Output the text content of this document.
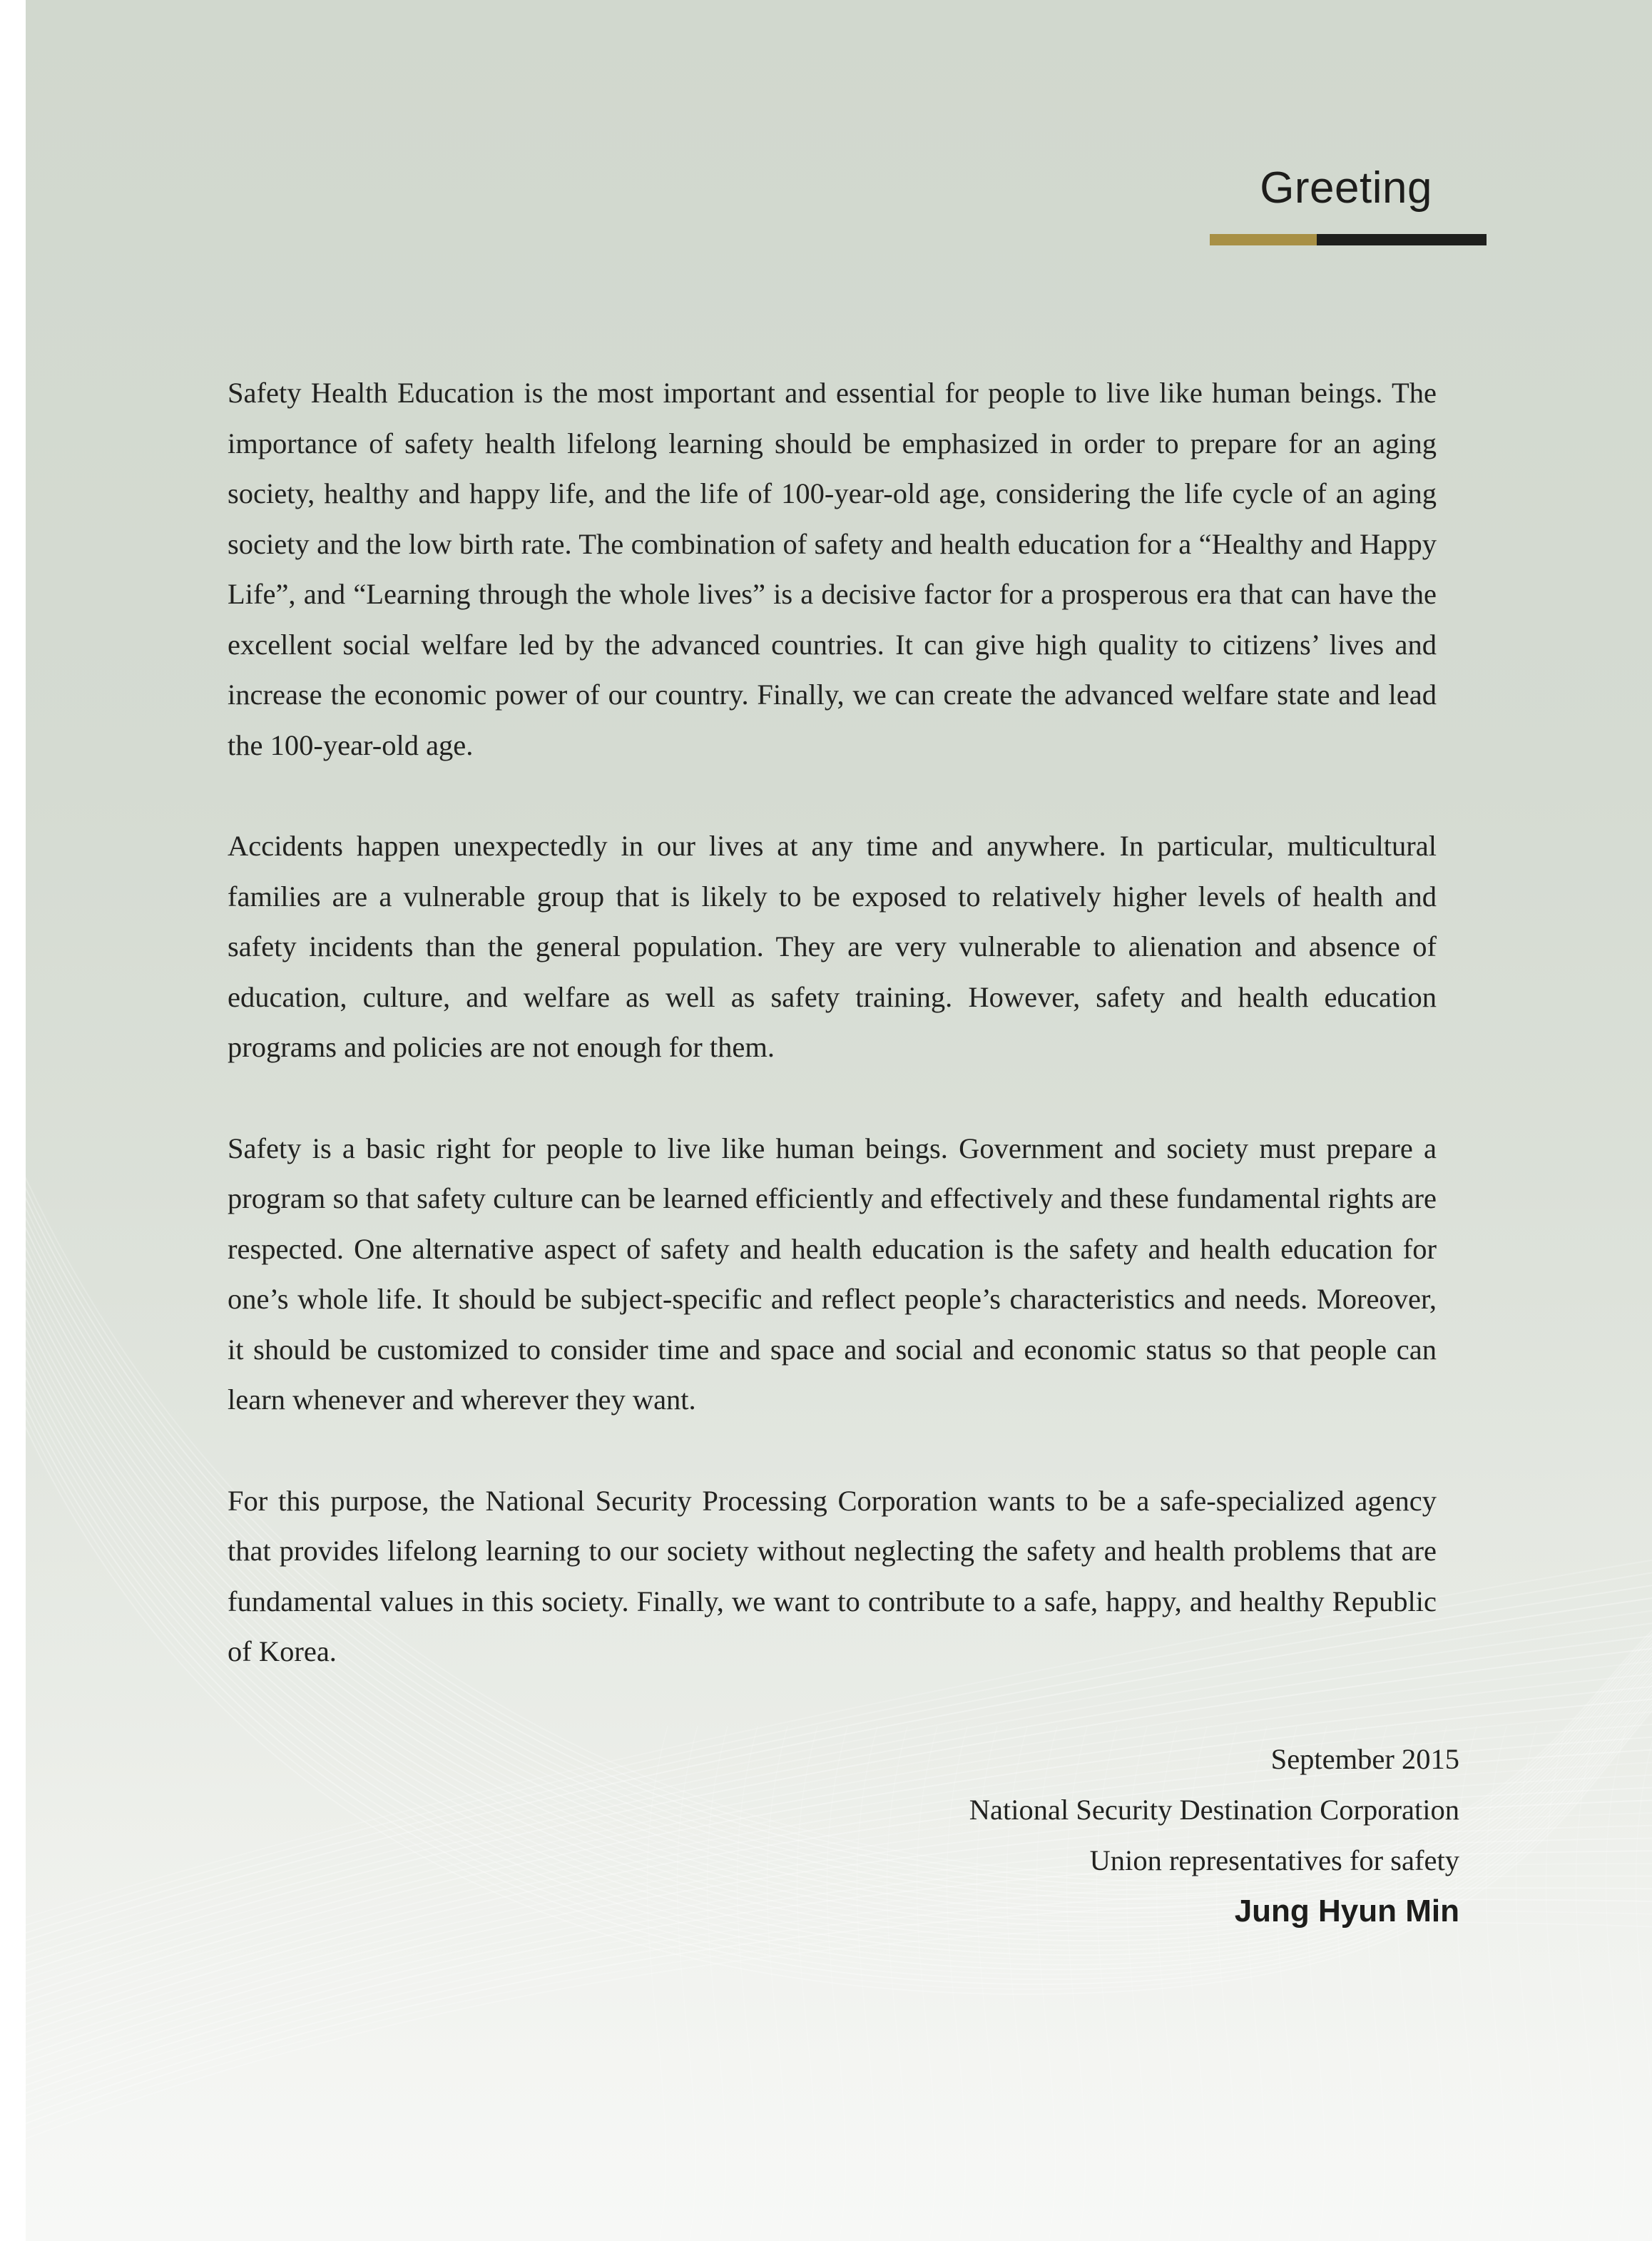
Greeting

Safety Health Education is the most important and essential for people to live like human beings. The importance of safety health lifelong learning should be emphasized in order to prepare for an aging society, healthy and happy life, and the life of 100-year-old age, considering the life cycle of an aging society and the low birth rate. The combination of safety and health education for a “Healthy and Happy Life”, and “Learning through the whole lives” is a decisive factor for a prosperous era that can have the excellent social welfare led by the advanced countries. It can give high quality to citizens’ lives and increase the economic power of our country. Finally, we can create the advanced welfare state and lead the 100-year-old age.

Accidents happen unexpectedly in our lives at any time and anywhere. In particular, multicultural families are a vulnerable group that is likely to be exposed to relatively higher levels of health and safety incidents than the general population. They are very vulnerable to alienation and absence of education, culture, and welfare as well as safety training. However, safety and health education programs and policies are not enough for them.

Safety is a basic right for people to live like human beings. Government and society must prepare a program so that safety culture can be learned efficiently and effectively and these fundamental rights are respected. One alternative aspect of safety and health education is the safety and health education for one’s whole life. It should be subject-specific and reflect people’s characteristics and needs. Moreover, it should be customized to consider time and space and social and economic status so that people can learn whenever and wherever they want.

For this purpose, the National Security Processing Corporation wants to be a safe-specialized agency that provides lifelong learning to our society without neglecting the safety and health problems that are fundamental values in this society. Finally, we want to contribute to a safe, happy, and healthy Republic of Korea.

September 2015
National Security Destination Corporation
Union representatives for safety
Jung Hyun Min
